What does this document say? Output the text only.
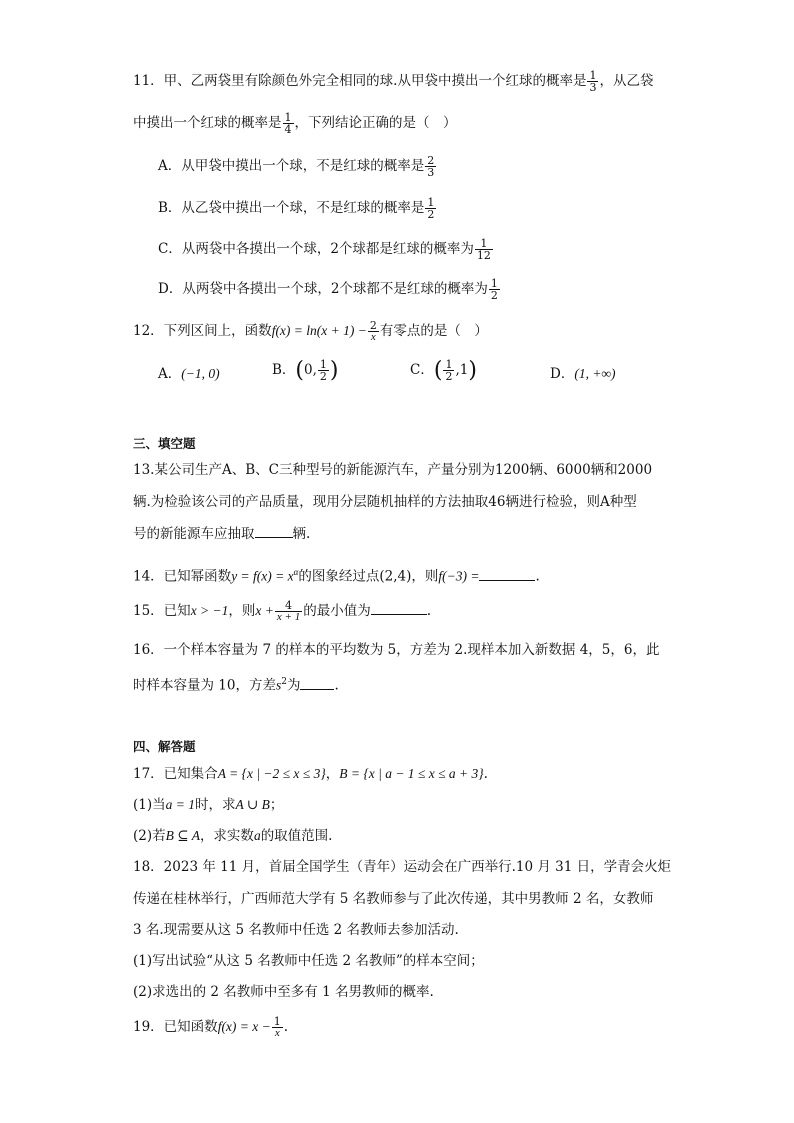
11．甲、乙两袋里有除颜色外完全相同的球.从甲袋中摸出一个红球的概率是 $\frac{1}{3}$ ，从乙袋
中摸出一个红球的概率是 $\frac{1}{4}$ ，下列结论正确的是（　）
A．从甲袋中摸出一个球，不是红球的概率是 $\frac{2}{3}$
B．从乙袋中摸出一个球，不是红球的概率是 $\frac{1}{2}$
C．从两袋中各摸出一个球，2个球都是红球的概率为 $\frac{1}{12}$
D．从两袋中各摸出一个球，2个球都不是红球的概率为 $\frac{1}{2}$
12．下列区间上，函数$f(x) = \ln(x + 1) - \frac{2}{x}$ 有零点的是（　）
A．(−1, 0)	B．(0, $\frac{1}{2}$ )	C．( $\frac{1}{2} ,1$)	D．(1, +∞)
三、填空题
13.某公司生产A、B、C三种型号的新能源汽车，产量分别为1200辆、6000辆和2000
辆.为检验该公司的产品质量，现用分层随机抽样的方法抽取46辆进行检验，则A种型
号的新能源车应抽取	辆.
14．已知幂函数$y = f(x) = x^\alpha$的图象经过点(2,4)，则f(−3) =	.
15．已知x > −1，则$x + \frac{4}{x + 1}$ 的最小值为	.
16．一个样本容量为 7 的样本的平均数为 5，方差为 2.现样本加入新数据 4，5，6，此
时样本容量为 10，方差$s^2$为	.
四、解答题
17．已知集合A = {x | −2 ≤ x ≤ 3}，B = {x | a − 1 ≤ x ≤ a + 3}.
(1)当a = 1时，求A ∪ B；
(2)若B ⊆ A，求实数a的取值范围.
18．2023 年 11 月，首届全国学生（青年）运动会在广西举行.10 月 31 日，学青会火炬
传递在桂林举行，广西师范大学有 5 名教师参与了此次传递，其中男教师 2 名，女教师
3 名.现需要从这 5 名教师中任选 2 名教师去参加活动.
(1)写出试验“从这 5 名教师中任选 2 名教师”的样本空间；
(2)求选出的 2 名教师中至多有 1 名男教师的概率.
19．已知函数$f(x) = x - \frac{1}{x}$ .
